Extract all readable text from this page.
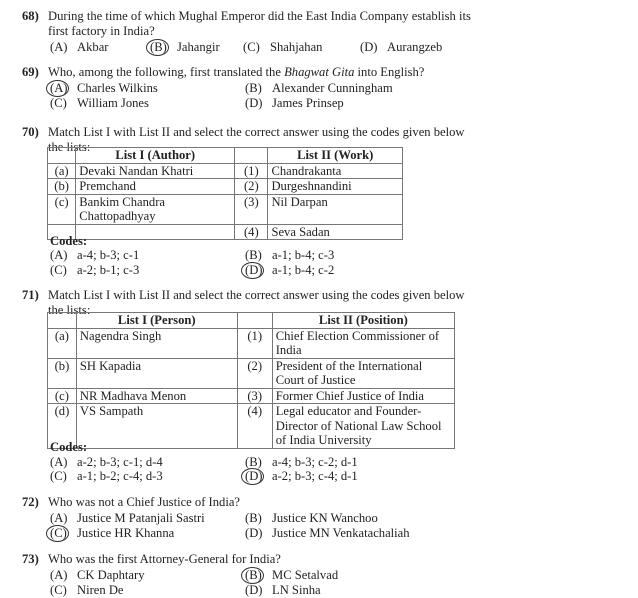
68) During the time of which Mughal Emperor did the East India Company establish its
first factory in India?
(A) Akbar	(B) Jahangir (C) Shahjahan	(D) Aurangzeb
69) Who, among the following, first translated the Bhagwat Gita into English?
(A) Charles Wilkins	(B) Alexander Cunningham
(C) William Jones	(D) James Prinsep
70) Match List I with List II and select the correct answer using the codes given below
the lists:
	List I (Author)		List II (Work)
(a)	Devaki Nandan Khatri	(1)	Chandrakanta
(b)	Premchand	(2)	Durgeshnandini
(c)	Bankim Chandra Chattopadhyay	(3)	Nil Darpan
		(4)	Seva Sadan
Codes:
(A) a-4; b-3; c-1	(B) a-1; b-4; c-3
(C) a-2; b-1; c-3	(D) a-1; b-4; c-2
71) Match List I with List II and select the correct answer using the codes given below
the lists:
	List I (Person)		List II (Position)
(a)	Nagendra Singh	(1)	Chief Election Commissioner of India
(b)	SH Kapadia	(2)	President of the International Court of Justice
(c)	NR Madhava Menon	(3)	Former Chief Justice of India
(d)	VS Sampath	(4)	Legal educator and Founder-Director of National Law School of India University
Codes:
(A) a-2; b-3; c-1; d-4	(B) a-4; b-3; c-2; d-1
(C) a-1; b-2; c-4; d-3	(D) a-2; b-3; c-4; d-1
72) Who was not a Chief Justice of India?
(A) Justice M Patanjali Sastri	(B) Justice KN Wanchoo
(C) Justice HR Khanna	(D) Justice MN Venkatachaliah
73) Who was the first Attorney-General for India?
(A) CK Daphtary	(B) MC Setalvad
(C) Niren De	(D) LN Sinha
